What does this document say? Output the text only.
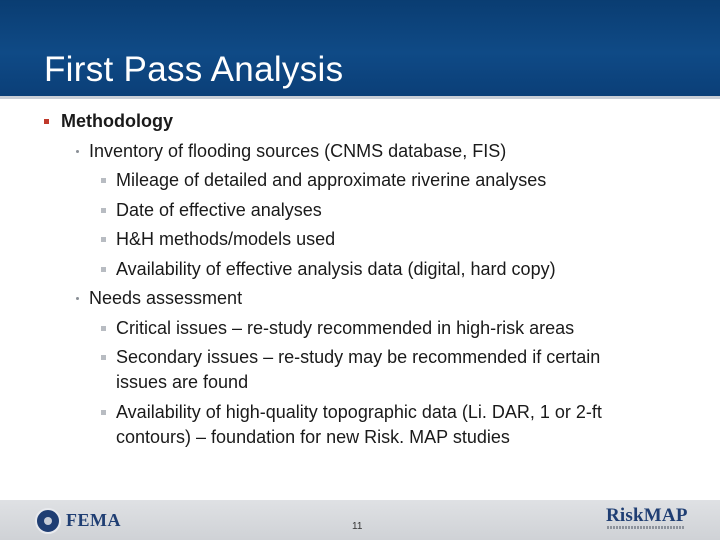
First Pass Analysis
FEMA	11
RiskMAP
Methodology
Inventory of flooding sources (CNMS database, FIS)
Mileage of detailed and approximate riverine analyses
Date of effective analyses
H&H methods/models used
Availability of effective analysis data (digital, hard copy)
Needs assessment
Critical issues – re-study recommended in high-risk areas
Secondary issues – re-study may be recommended if certain
issues are found
Availability of high-quality topographic data (Li. DAR, 1 or 2-ft
contours) – foundation for new Risk. MAP studies
